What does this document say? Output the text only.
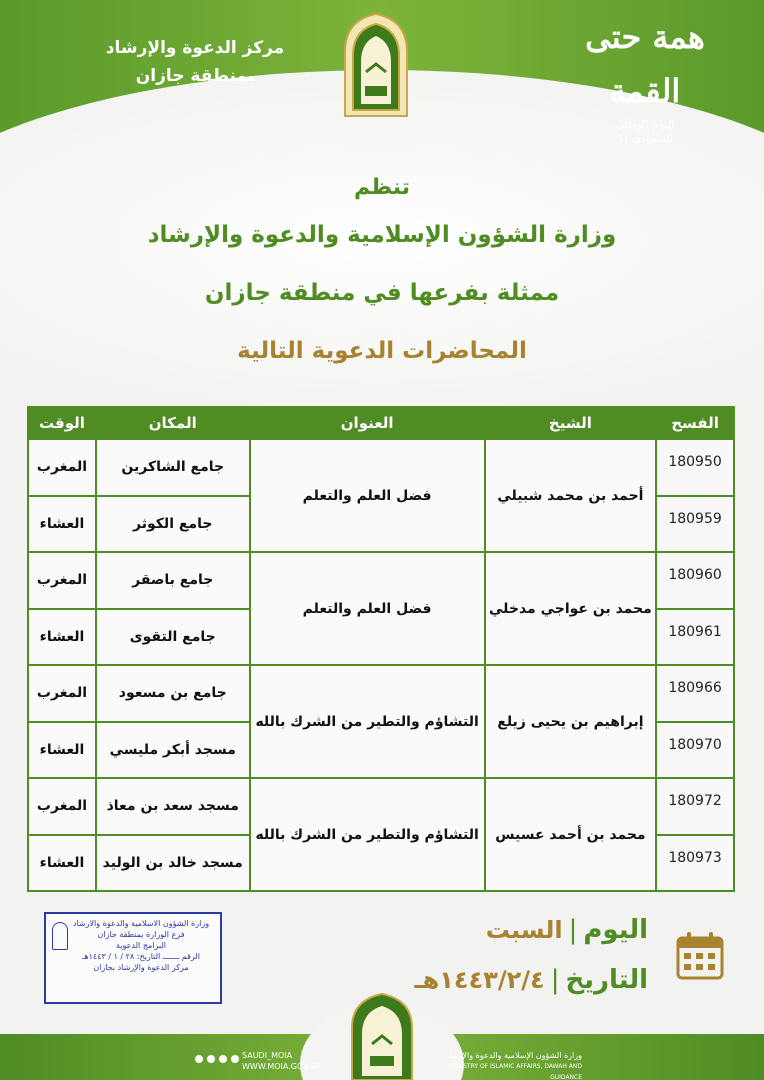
مركز الدعوة والإرشاد
بمنطقة جازان
همة حتى القمة
اليوم الوطني
السعودي ٩١
تنظم
وزارة الشؤون الإسلامية والدعوة والإرشاد
ممثلة بفرعها في منطقة جازان
المحاضرات الدعوية التالية
الفسح	الشيخ	العنوان	المكان	الوقت
180950	أحمد بن محمد شبيلي	فضل العلم والتعلم	جامع الشاكرين	المغرب
180959			جامع الكوثر	العشاء
180960	محمد بن عواجي مدخلي	فضل العلم والتعلم	جامع باصقر	المغرب
180961			جامع التقوى	العشاء
180966	إبراهيم بن يحيى زيلع	التشاؤم والتطير من الشرك بالله	جامع بن مسعود	المغرب
180970			مسجد أبكر مليسي	العشاء
180972	محمد بن أحمد عسيس	التشاؤم والتطير من الشرك بالله	مسجد سعد بن معاذ	المغرب
180973			مسجد خالد بن الوليد	العشاء
وزارة الشؤون الاسلامية والدعوة والارشاد
فرع الوزارة بمنطقة جازان
البرامج الدعوية
الرقم ـــــــ التاريخ: ٢٨ / ١ / ١٤٤٣هـ
مركز الدعوة والإرشاد بجازان
اليوم|السبت
التاريخ|١٤٤٣/٢/٤هـ
SAUDI_MOIA
WWW.MOIA.GOV.SA
وزارة الشؤون الإسلامية والدعوة والإرشاد
MINISTRY OF ISLAMIC AFFAIRS, DAWAH AND GUIDANCE
